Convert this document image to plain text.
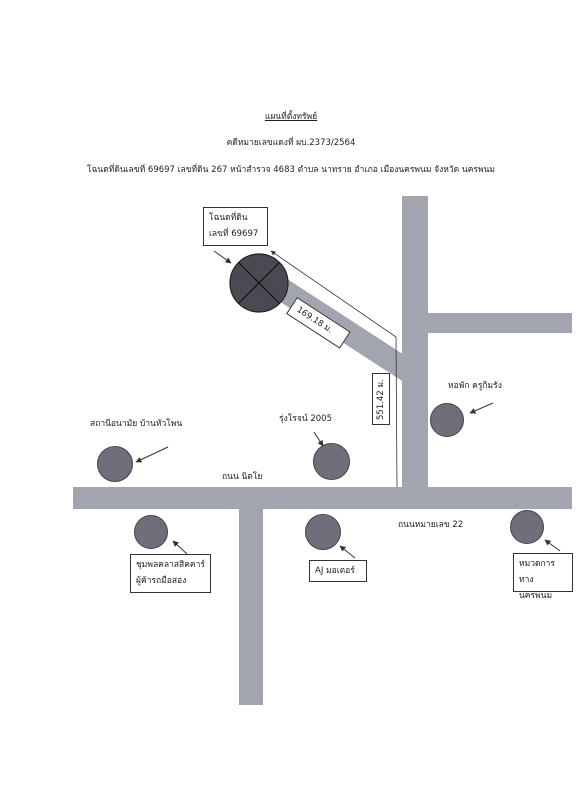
แผนที่ตั้งทรัพย์
คดีหมายเลขแดงที่ ผบ.2373/2564
โฉนดที่ดินเลขที่ 69697 เลขที่ดิน 267 หน้าสำรวจ 4683 ตำบล นาทราย อำเภอ เมืองนครพนม จังหวัด นครพนม
169.18 ม.
551.42 ม.
โฉนดที่ดิน
เลขที่ 69697
สถานีอนามัย บ้านหัวโพน	รุ่งโรจน์ 2005
หอพัก ครูกิมรัง
ถนน นิตโย
ถนนหมายเลข 22
ชุมพลคลาสสิคคาร์
ผู้ค้ารถมือสอง
AJ มอเตอร์
หมวดการทาง
นครพนม
